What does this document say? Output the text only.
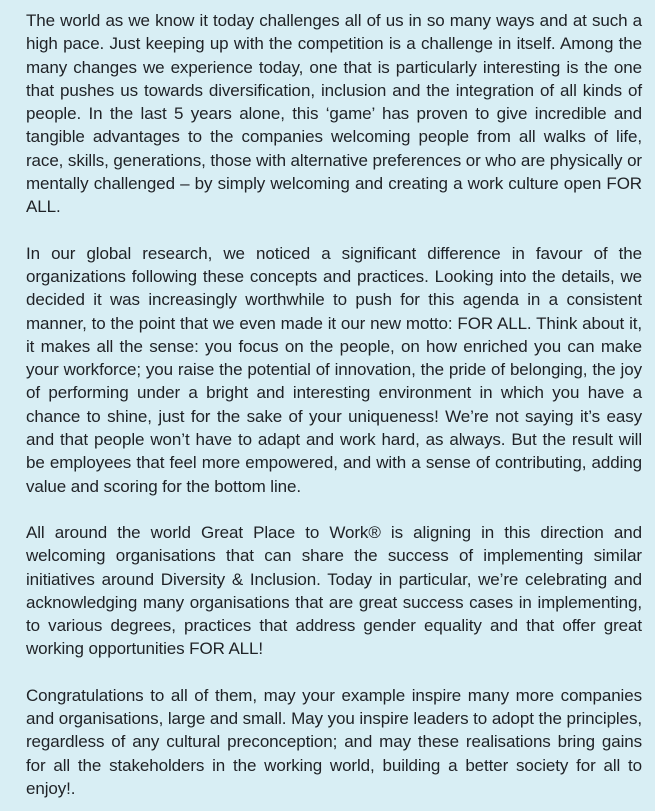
The world as we know it today challenges all of us in so many ways and at such a high pace. Just keeping up with the competition is a challenge in itself. Among the many changes we experience today, one that is particularly interesting is the one that pushes us towards diversification, inclusion and the integration of all kinds of people. In the last 5 years alone, this ‘game’ has proven to give incredible and tangible advantages to the companies welcoming people from all walks of life, race, skills, generations, those with alternative preferences or who are physically or mentally challenged – by simply welcoming and creating a work culture open FOR ALL.

In our global research, we noticed a significant difference in favour of the organizations following these concepts and practices. Looking into the details, we decided it was increasingly worthwhile to push for this agenda in a consistent manner, to the point that we even made it our new motto: FOR ALL. Think about it, it makes all the sense: you focus on the people, on how enriched you can make your workforce; you raise the potential of innovation, the pride of belonging, the joy of performing under a bright and interesting environment in which you have a chance to shine, just for the sake of your uniqueness! We’re not saying it’s easy and that people won’t have to adapt and work hard, as always. But the result will be employees that feel more empowered, and with a sense of contributing, adding value and scoring for the bottom line.

All around the world Great Place to Work® is aligning in this direction and welcoming organisations that can share the success of implementing similar initiatives around Diversity & Inclusion. Today in particular, we’re celebrating and acknowledging many organisations that are great success cases in implementing, to various degrees, practices that address gender equality and that offer great working opportunities FOR ALL!

Congratulations to all of them, may your example inspire many more companies and organisations, large and small. May you inspire leaders to adopt the principles, regardless of any cultural preconception; and may these realisations bring gains for all the stakeholders in the working world, building a better society for all to enjoy!.
